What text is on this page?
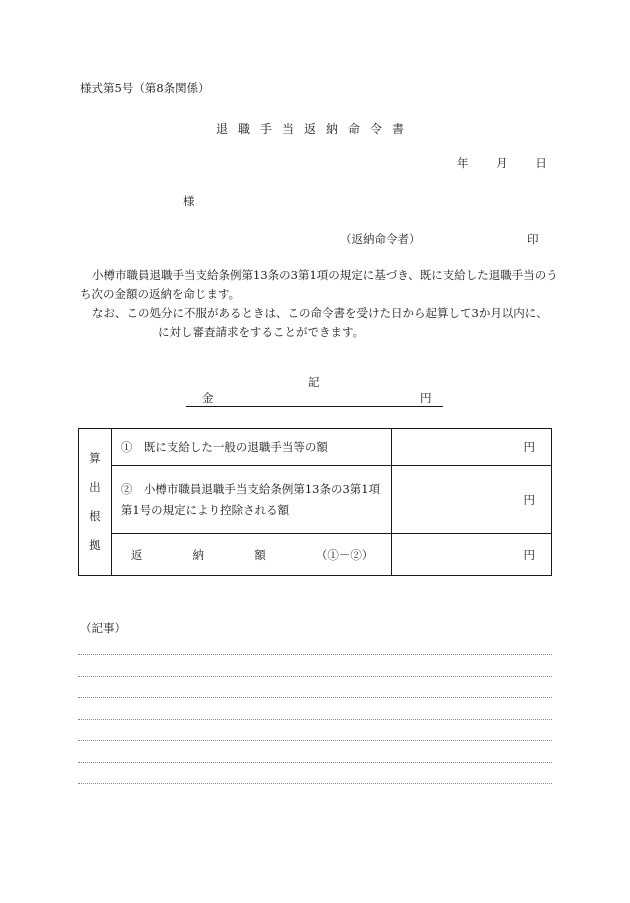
様式第5号（第8条関係）
退職手当返納命令書
年 月 日
様
（返納命令者）	印

小樽市職員退職手当支給条例第13条の3第1項の規定に基づき、既に支給した退職手当のうち次の金額の返納を命じます。

なお、この処分に不服があるときは、この命令書を受けた日から起算して3か月以内に、

に対し審査請求をすることができます。

記
金	円
算
出
根
拠	①　既に支給した一般の退職手当等の額	円
	②　小樽市職員退職手当支給条例第13条の3第1項第1号の規定により控除される額	円

	返 納 額 （①－②）	円
（記事）
